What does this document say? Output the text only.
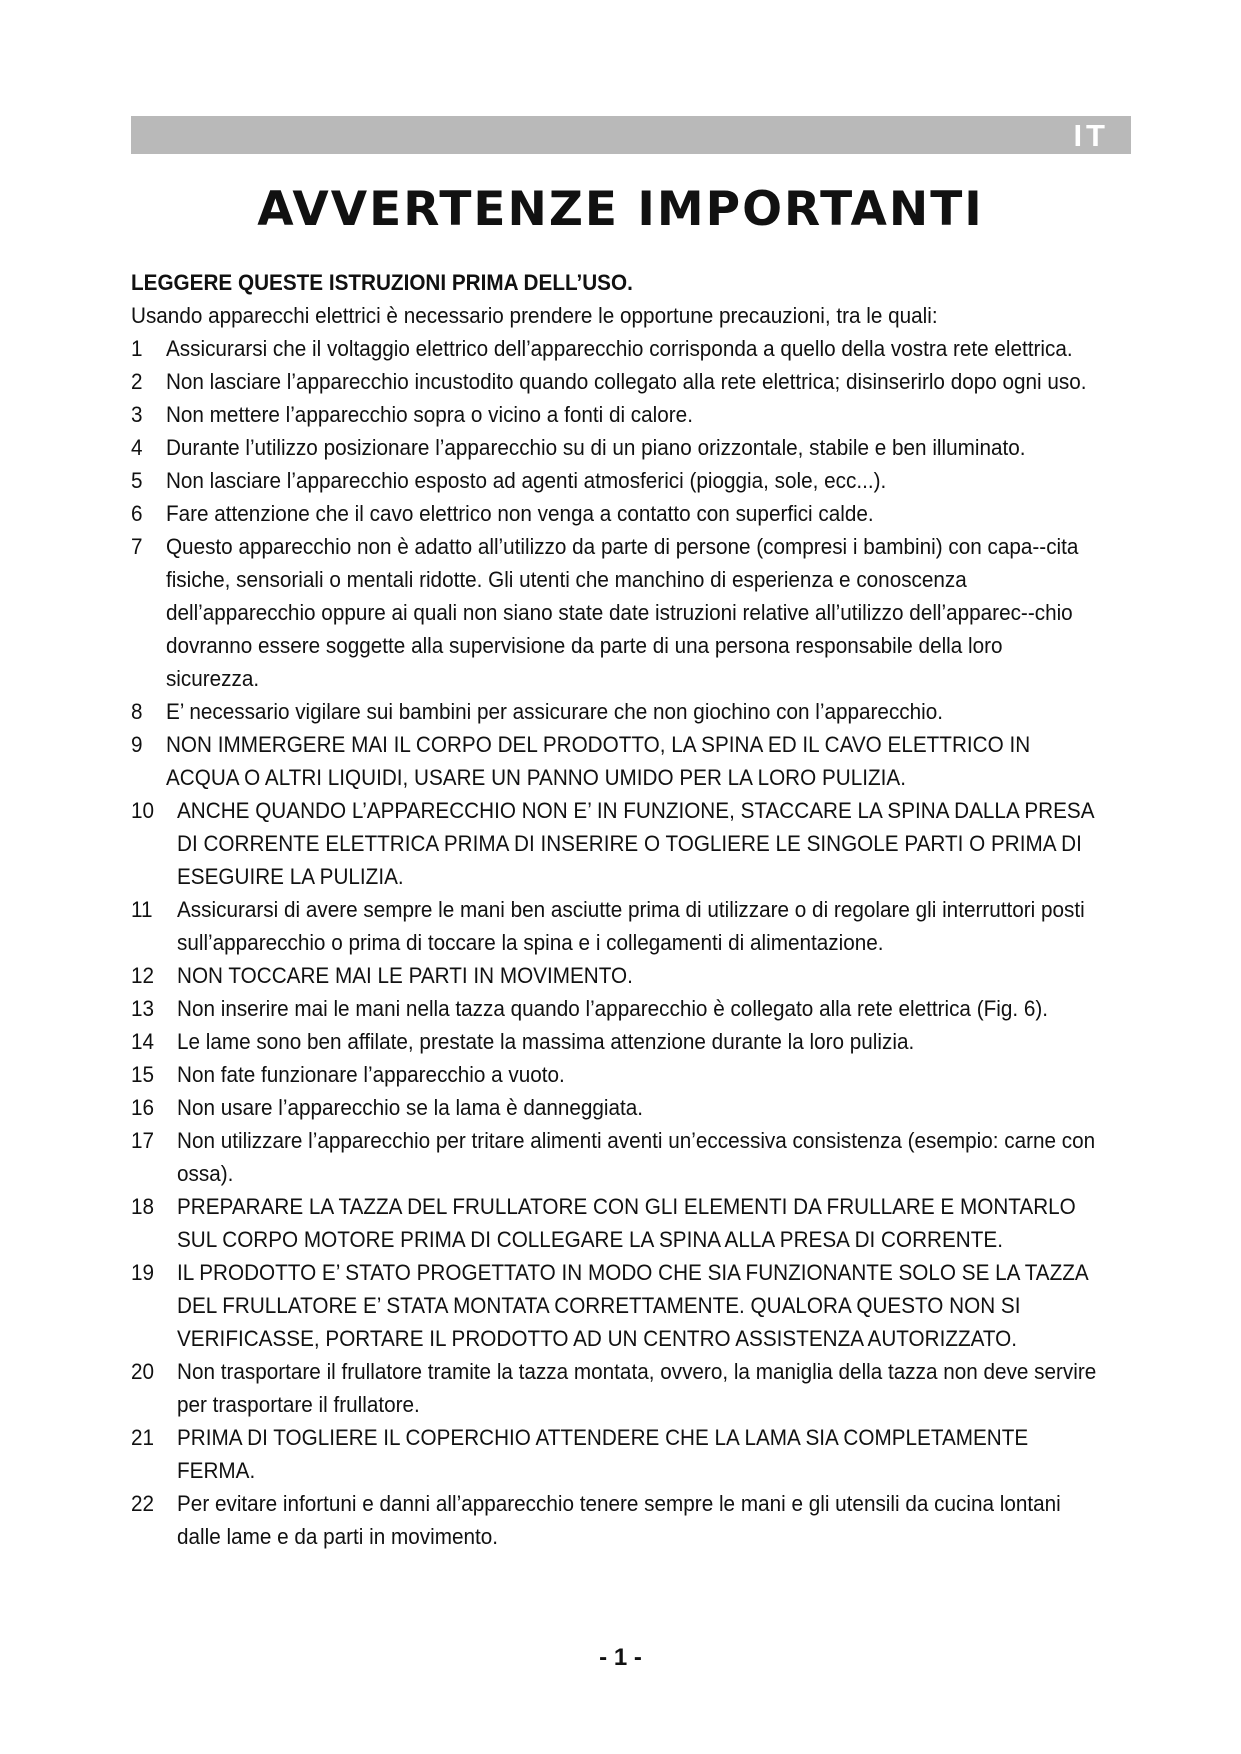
IT
AVVERTENZE IMPORTANTI
LEGGERE QUESTE ISTRUZIONI PRIMA DELL’USO.
Usando apparecchi elettrici è necessario prendere le opportune precauzioni, tra le quali:
1 Assicurarsi che il voltaggio elettrico dell’apparecchio corrisponda a quello della vostra rete elettrica.
2 Non lasciare l’apparecchio incustodito quando collegato alla rete elettrica; disinserirlo dopo ogni uso.
3 Non mettere l’apparecchio sopra o vicino a fonti di calore.
4 Durante l’utilizzo posizionare l’apparecchio su di un piano orizzontale, stabile e ben illuminato.
5 Non lasciare l’apparecchio esposto ad agenti atmosferici (pioggia, sole, ecc...).
6 Fare attenzione che il cavo elettrico non venga a contatto con superfici calde.
7 Questo apparecchio non è adatto all’utilizzo da parte di persone (compresi i bambini) con capa--cita fisiche, sensoriali o mentali ridotte. Gli utenti che manchino di esperienza e conoscenza dell’apparecchio oppure ai quali non siano state date istruzioni relative all’utilizzo dell’apparec--chio dovranno essere soggette alla supervisione da parte di una persona responsabile della loro sicurezza.
8 E’ necessario vigilare sui bambini per assicurare che non giochino con l’apparecchio.
9 NON IMMERGERE MAI IL CORPO DEL PRODOTTO, LA SPINA ED IL CAVO ELETTRICO IN ACQUA O ALTRI LIQUIDI, USARE UN PANNO UMIDO PER LA LORO PULIZIA.
10 ANCHE QUANDO L’APPARECCHIO NON E’ IN FUNZIONE, STACCARE LA SPINA DALLA PRESA DI CORRENTE ELETTRICA PRIMA DI INSERIRE O TOGLIERE LE SINGOLE PARTI O PRIMA DI ESEGUIRE LA PULIZIA.
11 Assicurarsi di avere sempre le mani ben asciutte prima di utilizzare o di regolare gli interruttori posti sull’apparecchio o prima di toccare la spina e i collegamenti di alimentazione.
12 NON TOCCARE MAI LE PARTI IN MOVIMENTO.
13 Non inserire mai le mani nella tazza quando l’apparecchio è collegato alla rete elettrica (Fig. 6).
14 Le lame sono ben affilate, prestate la massima attenzione durante la loro pulizia.
15 Non fate funzionare l’apparecchio a vuoto.
16 Non usare l’apparecchio se la lama è danneggiata.
17 Non utilizzare l’apparecchio per tritare alimenti aventi un’eccessiva consistenza (esempio: carne con ossa).
18 PREPARARE LA TAZZA DEL FRULLATORE CON GLI ELEMENTI DA FRULLARE E MONTARLO SUL CORPO MOTORE PRIMA DI COLLEGARE LA SPINA ALLA PRESA DI CORRENTE.
19 IL PRODOTTO E’ STATO PROGETTATO IN MODO CHE SIA FUNZIONANTE SOLO SE LA TAZZA DEL FRULLATORE E’ STATA MONTATA CORRETTAMENTE. QUALORA QUESTO NON SI VERIFICASSE, PORTARE IL PRODOTTO AD UN CENTRO ASSISTENZA AUTORIZZATO.
20 Non trasportare il frullatore tramite la tazza montata, ovvero, la maniglia della tazza non deve servire per trasportare il frullatore.
21 PRIMA DI TOGLIERE IL COPERCHIO ATTENDERE CHE LA LAMA SIA COMPLETAMENTE FERMA.
22 Per evitare infortuni e danni all’apparecchio tenere sempre le mani e gli utensili da cucina lontani dalle lame e da parti in movimento.
- 1 -
